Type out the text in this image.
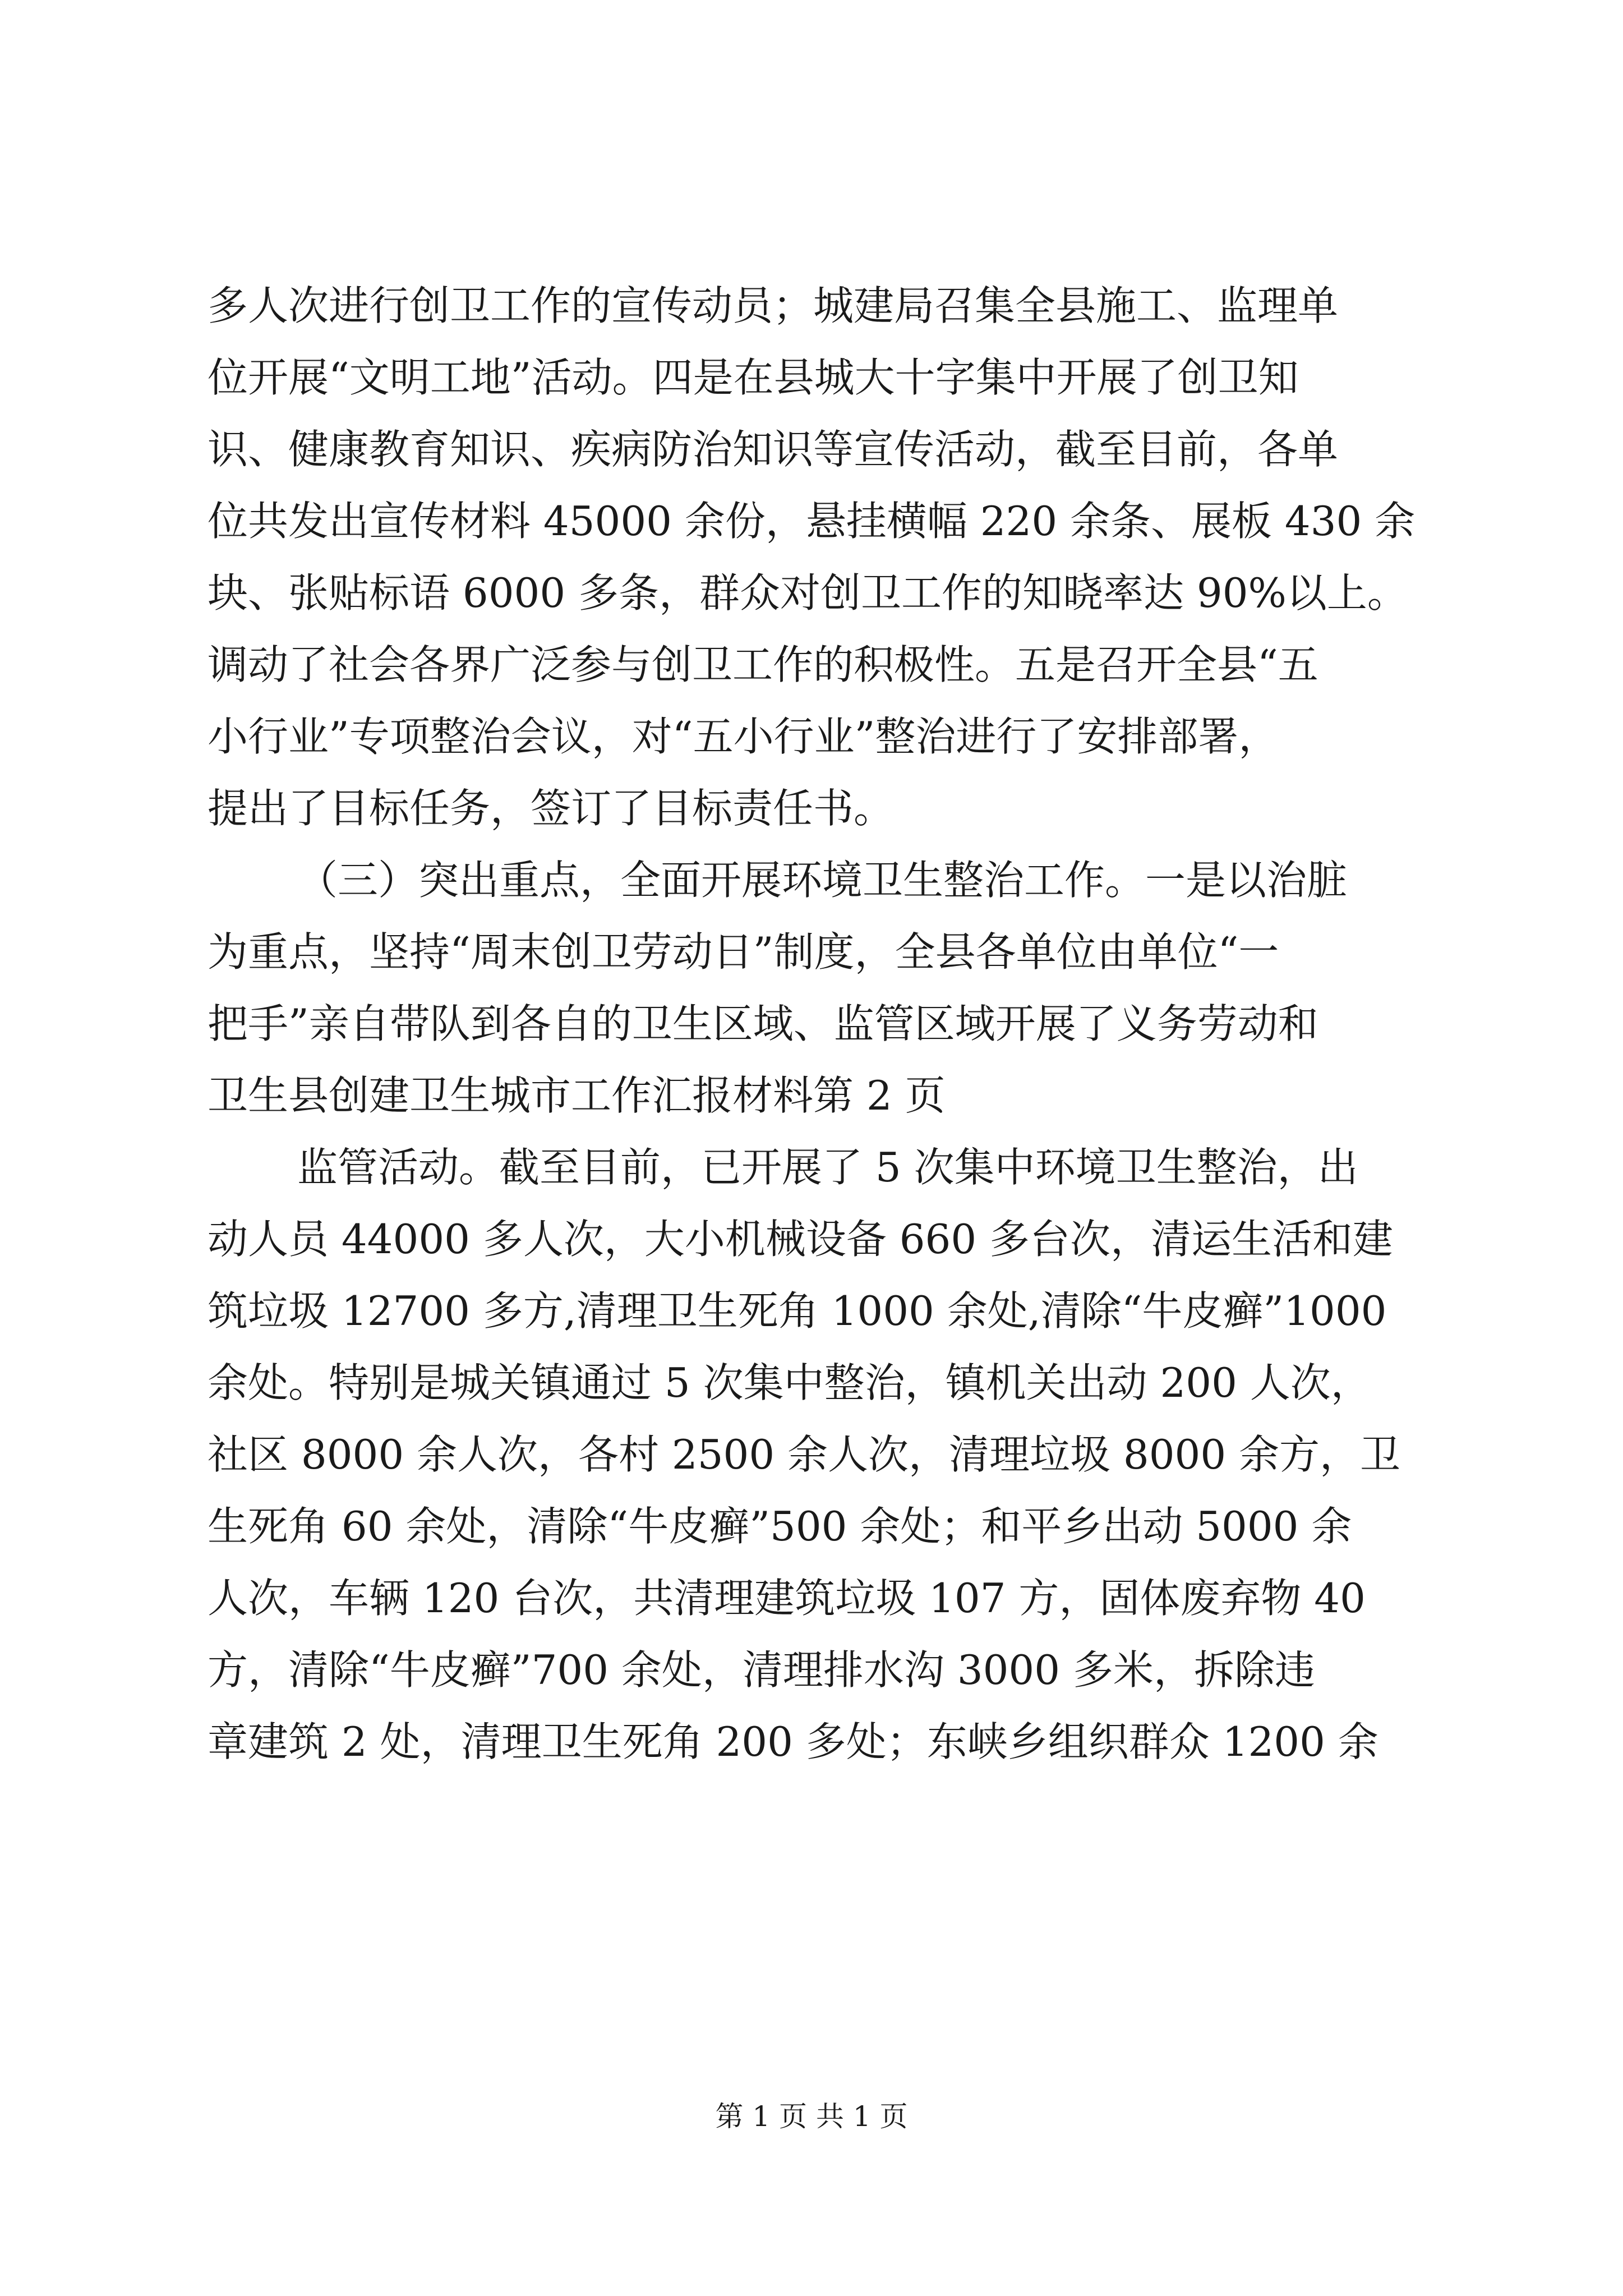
多人次进行创卫工作的宣传动员；城建局召集全县施工、监理单
位开展“文明工地”活动。四是在县城大十字集中开展了创卫知
识、健康教育知识、疾病防治知识等宣传活动，截至目前，各单
位共发出宣传材料 45000 余份，悬挂横幅 220 余条、展板 430 余
块、张贴标语 6000 多条，群众对创卫工作的知晓率达 90%以上。
调动了社会各界广泛参与创卫工作的积极性。五是召开全县“五
小行业”专项整治会议，对“五小行业”整治进行了安排部署，
提出了目标任务，签订了目标责任书。
（三）突出重点，全面开展环境卫生整治工作。一是以治脏
为重点，坚持“周末创卫劳动日”制度，全县各单位由单位“一
把手”亲自带队到各自的卫生区域、监管区域开展了义务劳动和
卫生县创建卫生城市工作汇报材料第 2 页
监管活动。截至目前，已开展了 5 次集中环境卫生整治，出
动人员 44000 多人次，大小机械设备 660 多台次，清运生活和建
筑垃圾 12700 多方,清理卫生死角 1000 余处,清除“牛皮癣”1000
余处。特别是城关镇通过 5 次集中整治，镇机关出动 200 人次，
社区 8000 余人次，各村 2500 余人次，清理垃圾 8000 余方，卫
生死角 60 余处，清除“牛皮癣”500 余处；和平乡出动 5000 余
人次，车辆 120 台次，共清理建筑垃圾 107 方，固体废弃物 40
方，清除“牛皮癣”700 余处，清理排水沟 3000 多米，拆除违
章建筑 2 处，清理卫生死角 200 多处；东峡乡组织群众 1200 余
第 1 页 共 1 页
